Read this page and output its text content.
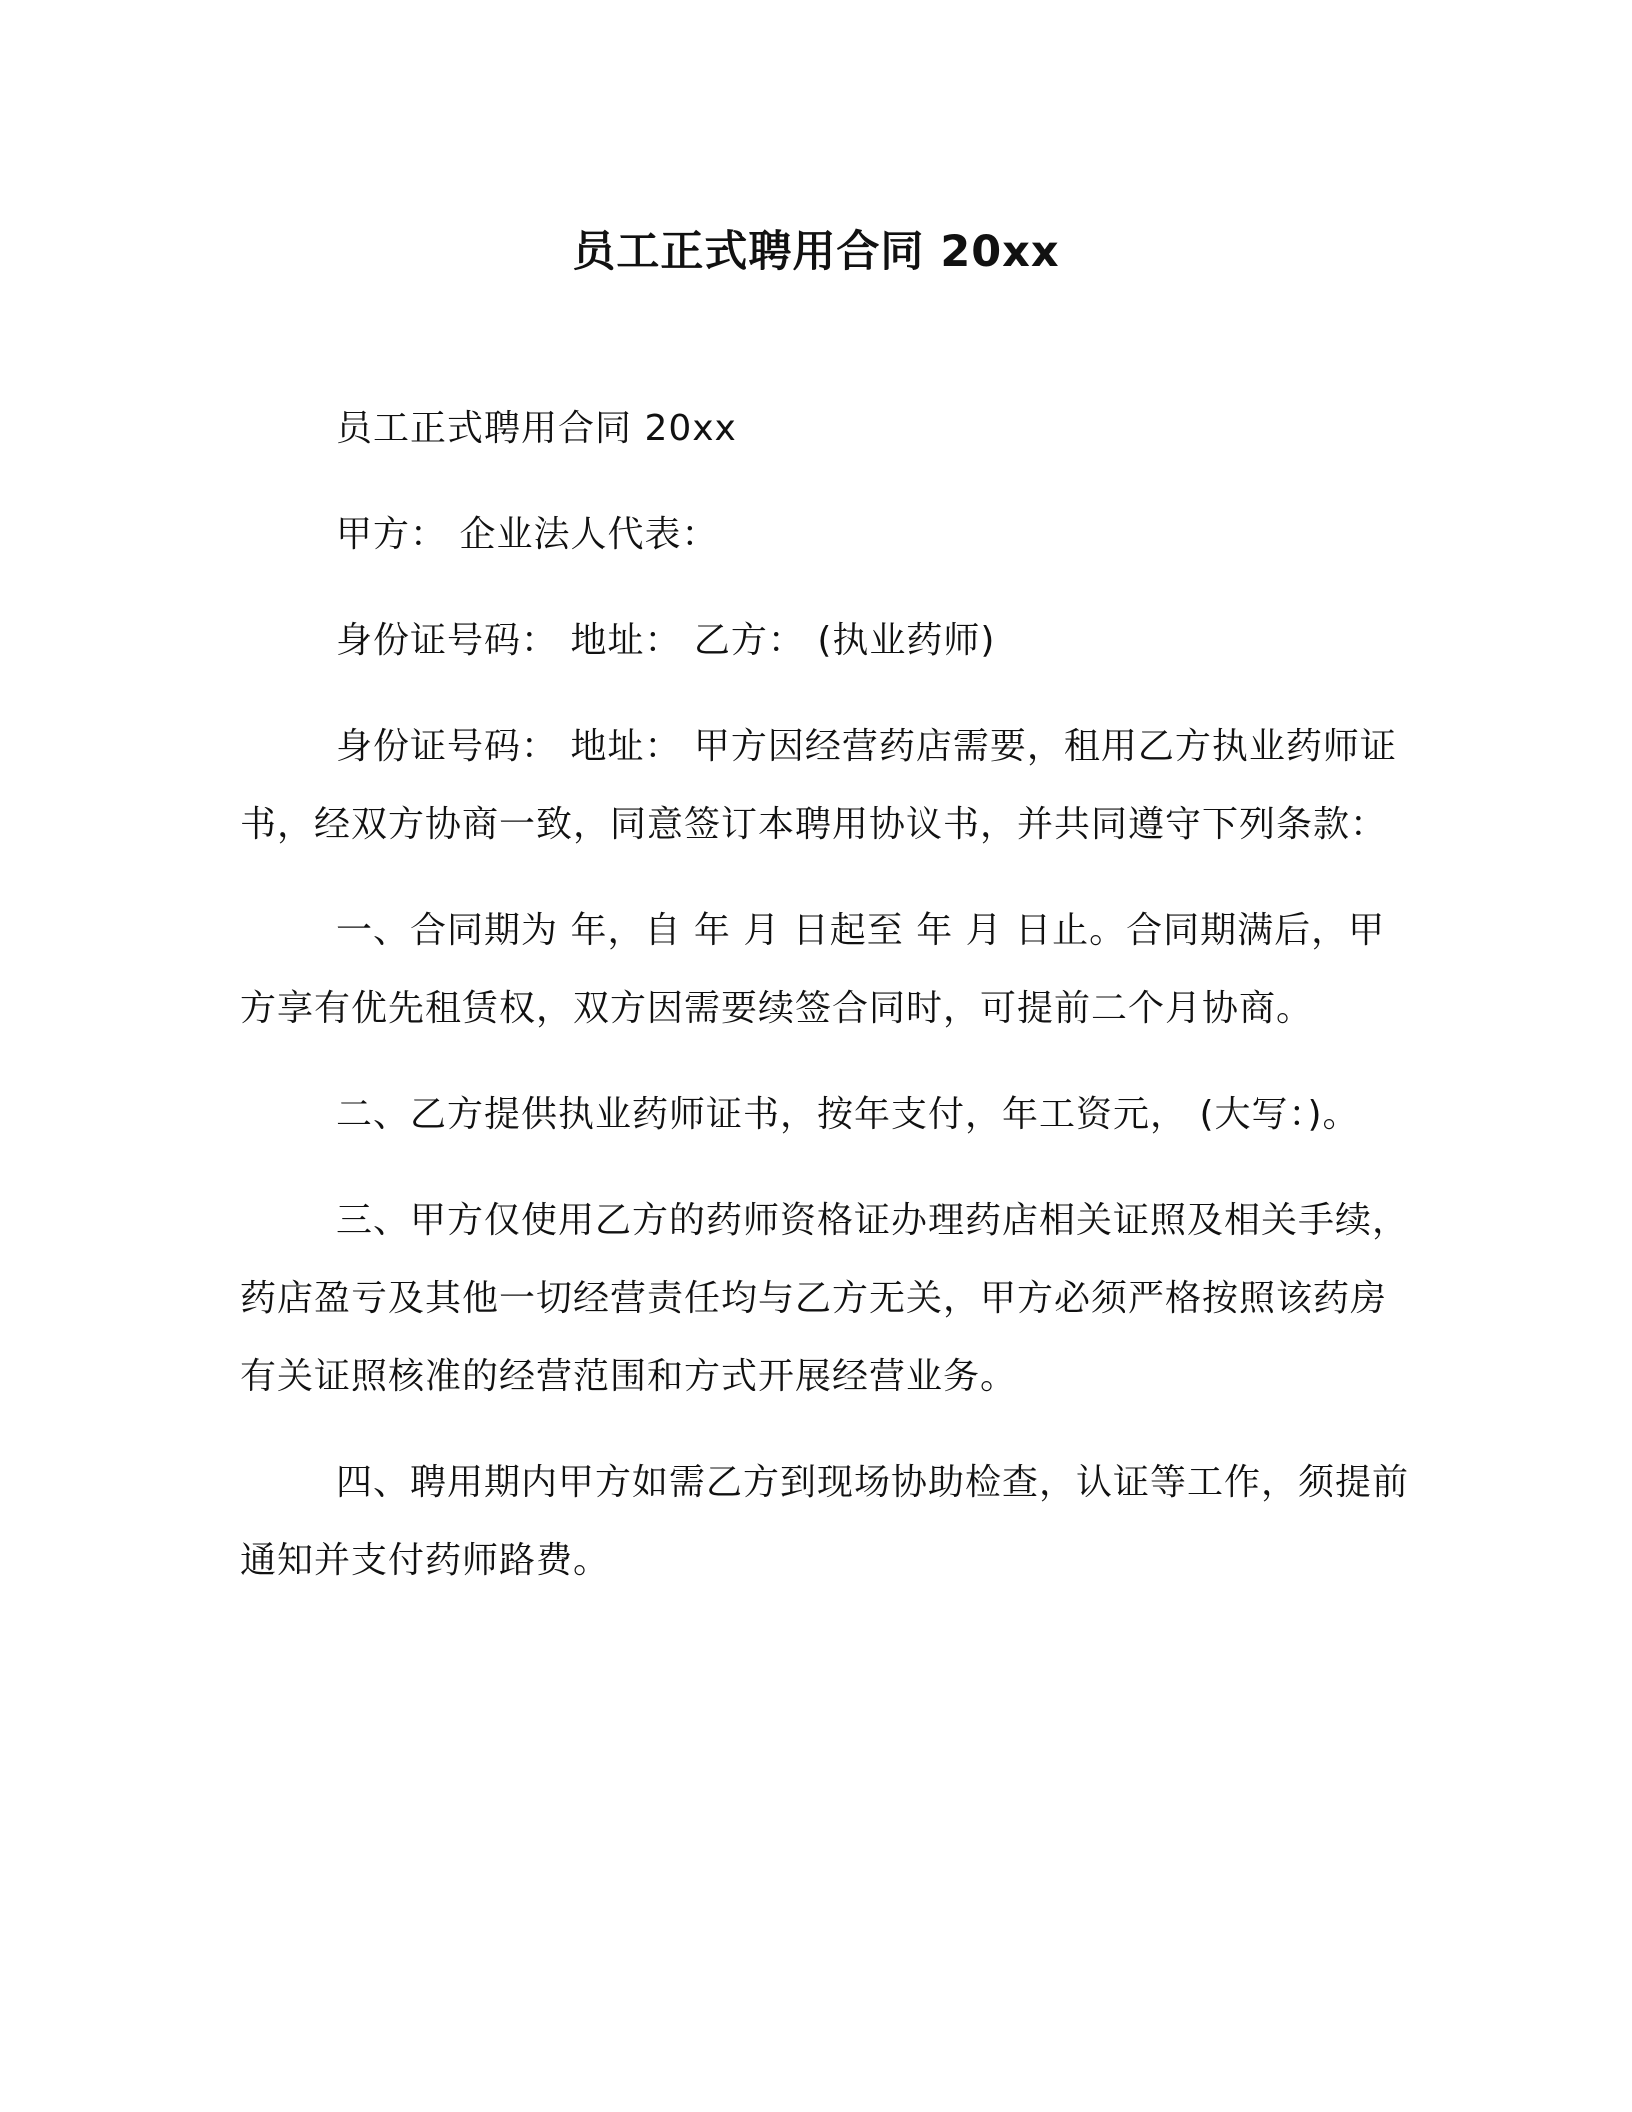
员工正式聘用合同 20xx

员工正式聘用合同 20xx

甲方： 企业法人代表：

身份证号码： 地址： 乙方： (执业药师)

身份证号码： 地址： 甲方因经营药店需要，租用乙方执业药师证书，经双方协商一致，同意签订本聘用协议书，并共同遵守下列条款：

一、合同期为 年，自 年 月 日起至 年 月 日止。合同期满后，甲方享有优先租赁权，双方因需要续签合同时，可提前二个月协商。

二、乙方提供执业药师证书，按年支付，年工资元， (大写：)。

三、甲方仅使用乙方的药师资格证办理药店相关证照及相关手续，药店盈亏及其他一切经营责任均与乙方无关，甲方必须严格按照该药房有关证照核准的经营范围和方式开展经营业务。

四、聘用期内甲方如需乙方到现场协助检查，认证等工作，须提前通知并支付药师路费。
